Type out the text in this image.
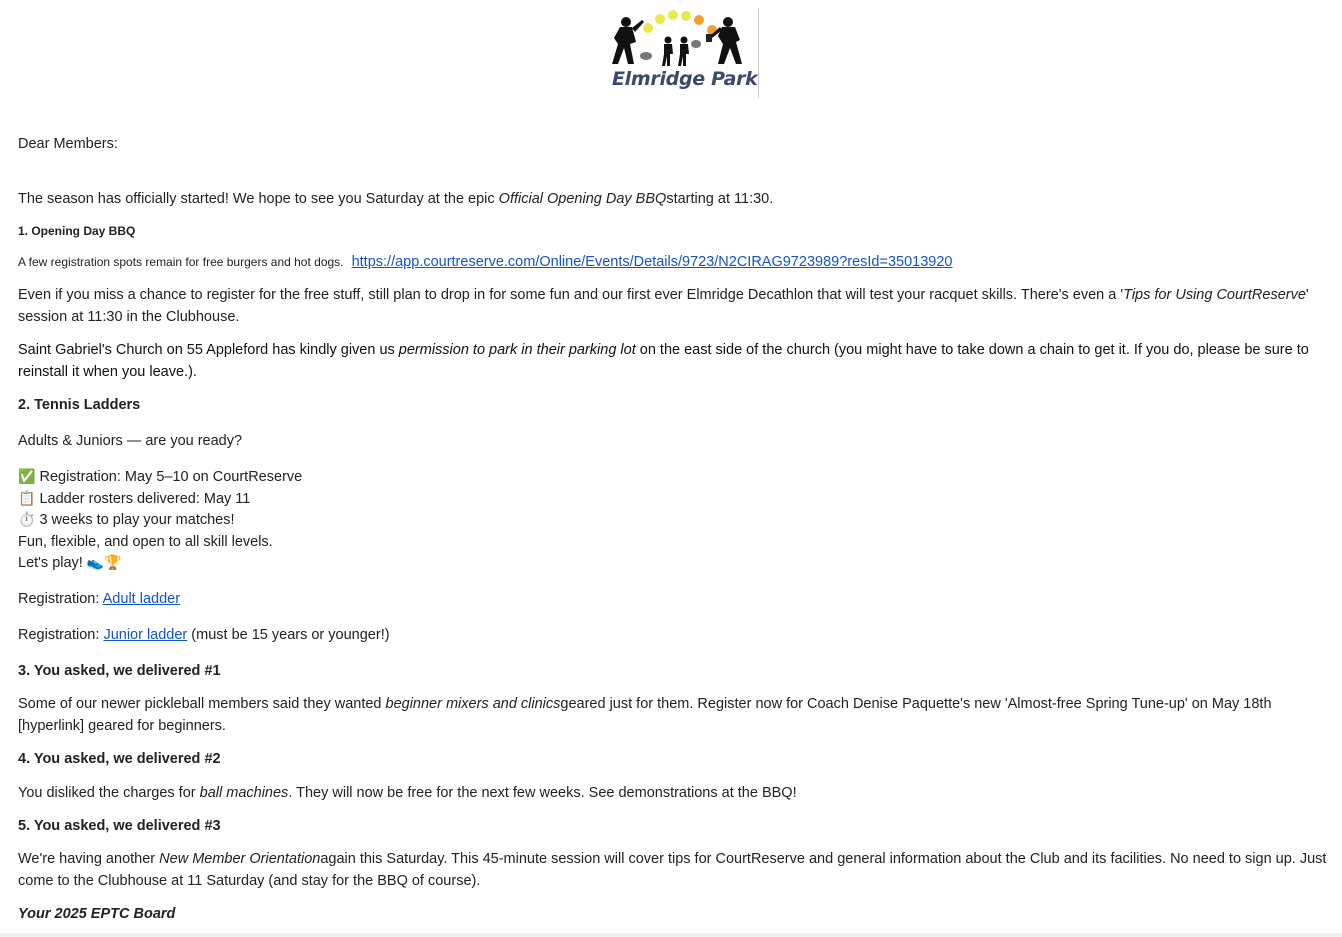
Elmridge Park

Dear Members:

The season has officially started! We hope to see you Saturday at the epic Official Opening Day BBQstarting at 11:30.

1. Opening Day BBQ

A few registration spots remain for free burgers and hot dogs. https://app.courtreserve.com/Online/Events/Details/9723/N2CIRAG9723989?resId=35013920

Even if you miss a chance to register for the free stuff, still plan to drop in for some fun and our first ever Elmridge Decathlon that will test your racquet skills. There's even a 'Tips for Using CourtReserve' session at 11:30 in the Clubhouse.

Saint Gabriel's Church on 55 Appleford has kindly given us permission to park in their parking lot on the east side of the church (you might have to take down a chain to get it. If you do, please be sure to reinstall it when you leave.).

2. Tennis Ladders

Adults & Juniors — are you ready?

✅ Registration: May 5–10 on CourtReserve
📋 Ladder rosters delivered: May 11
⏱️ 3 weeks to play your matches!
Fun, flexible, and open to all skill levels.
Let's play! 👟🏆

Registration: Adult ladder

Registration: Junior ladder (must be 15 years or younger!)

3. You asked, we delivered #1

Some of our newer pickleball members said they wanted beginner mixers and clinicsgeared just for them. Register now for Coach Denise Paquette's new 'Almost-free Spring Tune-up' on May 18th [hyperlink] geared for beginners.

4. You asked, we delivered #2

You disliked the charges for ball machines. They will now be free for the next few weeks. See demonstrations at the BBQ!

5. You asked, we delivered #3

We're having another New Member Orientationagain this Saturday. This 45-minute session will cover tips for CourtReserve and general information about the Club and its facilities. No need to sign up. Just come to the Clubhouse at 11 Saturday (and stay for the BBQ of course).

Your 2025 EPTC Board
